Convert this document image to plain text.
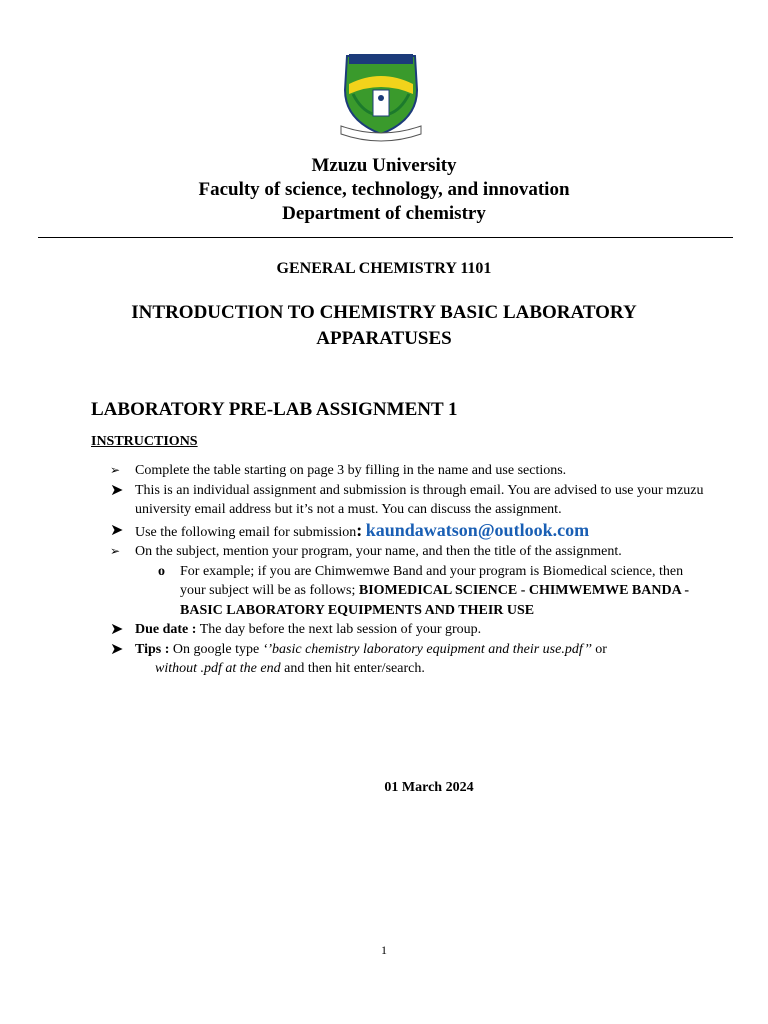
Mzuzu University
Faculty of science, technology, and innovation
Department of chemistry
GENERAL CHEMISTRY 1101
INTRODUCTION TO CHEMISTRY BASIC LABORATORY APPARATUSES
LABORATORY PRE-LAB ASSIGNMENT 1
INSTRUCTIONS
➢ Complete the table starting on page 3 by filling in the name and use sections.
➤ This is an individual assignment and submission is through email. You are advised to use your mzuzu university email address but it’s not a must. You can discuss the assignment.
➤ Use the following email for submission: kaundawatson@outlook.com
➢ On the subject, mention your program, your name, and then the title of the assignment.
o For example; if you are Chimwemwe Band and your program is Biomedical science, then your subject will be as follows; BIOMEDICAL SCIENCE - CHIMWEMWE BANDA - BASIC LABORATORY EQUIPMENTS AND THEIR USE
➤ Due date : The day before the next lab session of your group.
➤ Tips : On google type ‘’basic chemistry laboratory equipment and their use.pdf’’ or
without .pdf at the end and then hit enter/search.
01 March 2024
1
